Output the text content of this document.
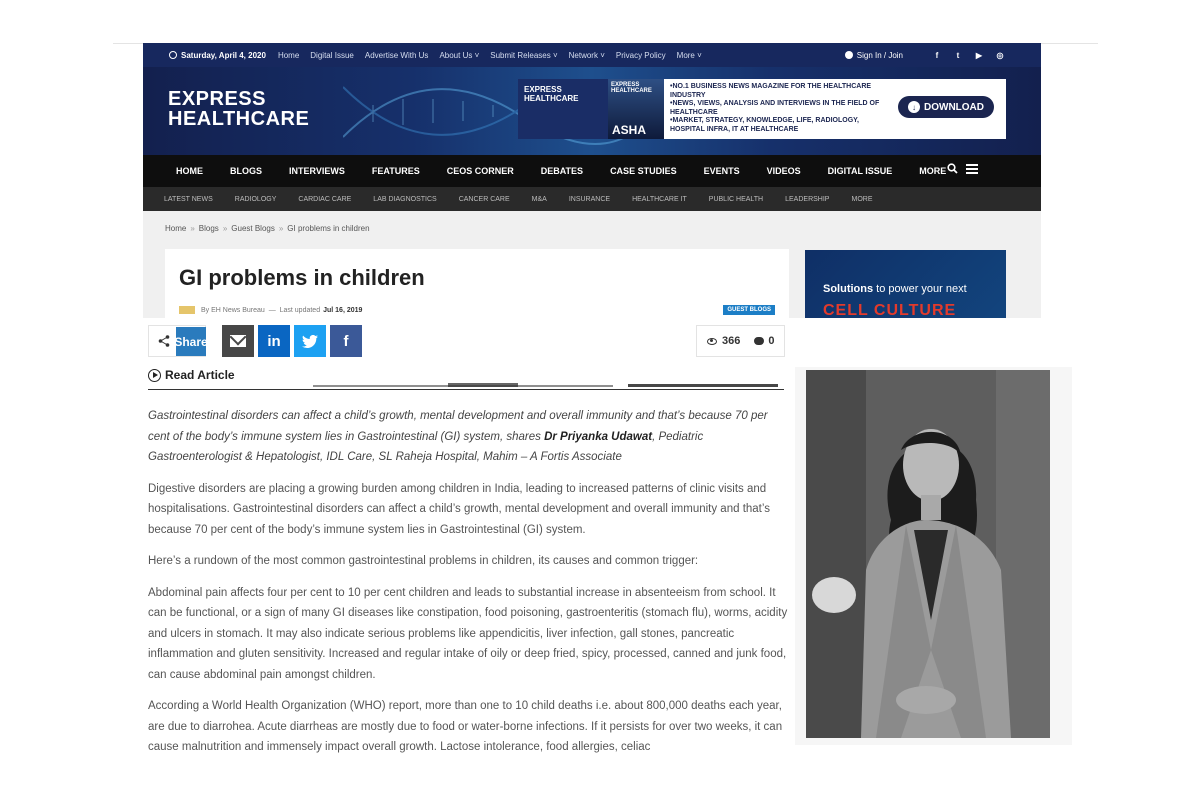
Saturday, April 4, 2020 Home Digital Issue Advertise With Us About Us ˅ Submit Releases ˅ Network ˅ Privacy Policy More ˅	Sign In / Join	f	t	▶	◎
EXPRESS
HEALTHCARE
EXPRESS
HEALTHCARE
EXPRESS HEALTHCARE
ASHA
• NO.1 BUSINESS NEWS MAGAZINE FOR THE HEALTHCARE INDUSTRY
• NEWS, VIEWS, ANALYSIS AND INTERVIEWS IN THE FIELD OF HEALTHCARE
• MARKET, STRATEGY, KNOWLEDGE, LIFE, RADIOLOGY, HOSPITAL INFRA, IT AT HEALTHCARE
↓ DOWNLOAD
HOME	BLOGS	INTERVIEWS	FEATURES	CEOS CORNER	DEBATES	CASE STUDIES	EVENTS	VIDEOS	DIGITAL ISSUE	MORE
LATEST NEWS	RADIOLOGY	CARDIAC CARE	LAB DIAGNOSTICS	CANCER CARE	M&A	INSURANCE	HEALTHCARE IT	PUBLIC HEALTH	LEADERSHIP	MORE
Home » Blogs » Guest Blogs » GI problems in children
GI problems in children
By
EH News Bureau — Last updated Jul 16, 2019	GUEST BLOGS
Solutions to power your next
CELL CULTURE
Share	in	f	366	0
Read Article

Gastrointestinal disorders can affect a child’s growth, mental development and overall immunity and that’s because 70 per cent of the body’s immune system lies in Gastrointestinal (GI) system, shares Dr Priyanka Udawat, Pediatric Gastroenterologist & Hepatologist, IDL Care, SL Raheja Hospital, Mahim – A Fortis Associate

Digestive disorders are placing a growing burden among children in India, leading to increased patterns of clinic visits and hospitalisations. Gastrointestinal disorders can affect a child’s growth, mental development and overall immunity and that’s because 70 per cent of the body’s immune system lies in Gastrointestinal (GI) system.

Here’s a rundown of the most common gastrointestinal problems in children, its causes and common trigger:

Abdominal pain affects four per cent to 10 per cent children and leads to substantial increase in absenteeism from school. It can be functional, or a sign of many GI diseases like constipation, food poisoning, gastroenteritis (stomach flu), worms, acidity and ulcers in stomach. It may also indicate serious problems like appendicitis, liver infection, gall stones, pancreatic inflammation and gluten sensitivity. Increased and regular intake of oily or deep fried, spicy, processed, canned and junk food, can cause abdominal pain amongst children.

According a World Health Organization (WHO) report, more than one to 10 child deaths i.e. about 800,000 deaths each year, are due to diarrohea. Acute diarrheas are mostly due to food or water-borne infections. If it persists for over two weeks, it can cause malnutrition and immensely impact overall growth. Lactose intolerance, food allergies, celiac
